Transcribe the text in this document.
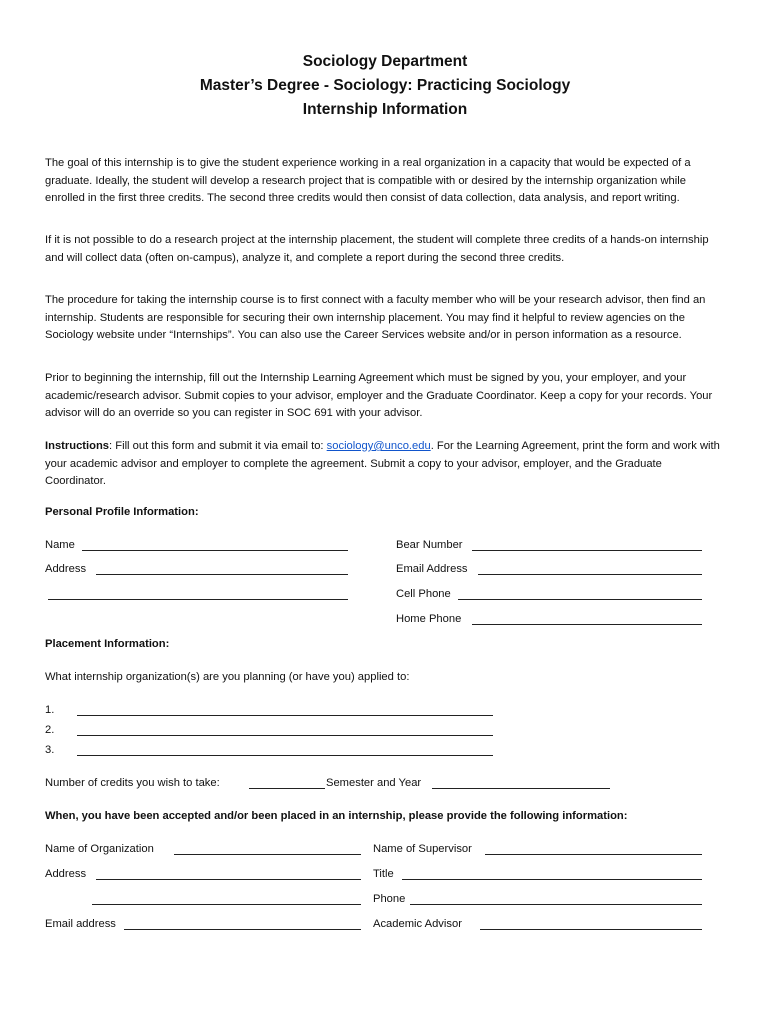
Sociology Department
Master’s Degree - Sociology: Practicing Sociology
Internship Information

The goal of this internship is to give the student experience working in a real organization in a capacity that would be expected of a graduate. Ideally, the student will develop a research project that is compatible with or desired by the internship organization while enrolled in the first three credits. The second three credits would then consist of data collection, data analysis, and report writing.

If it is not possible to do a research project at the internship placement, the student will complete three credits of a hands-on internship and will collect data (often on-campus), analyze it, and complete a report during the second three credits.

The procedure for taking the internship course is to first connect with a faculty member who will be your research advisor, then find an internship. Students are responsible for securing their own internship placement. You may find it helpful to review agencies on the Sociology website under “Internships”. You can also use the Career Services website and/or in person information as a resource.

Prior to beginning the internship, fill out the Internship Learning Agreement which must be signed by you, your employer, and your academic/research advisor. Submit copies to your advisor, employer and the Graduate Coordinator. Keep a copy for your records. Your advisor will do an override so you can register in SOC 691 with your advisor.

Instructions: Fill out this form and submit it via email to: sociology@unco.edu. For the Learning Agreement, print the form and work with your academic advisor and employer to complete the agreement. Submit a copy to your advisor, employer, and the Graduate Coordinator.

Personal Profile Information:
Name	Bear Number
Address	Email Address
Cell Phone
Home Phone
Placement Information:
What internship organization(s) are you planning (or have you) applied to:
1.
2.
3.
Number of credits you wish to take:	Semester and Year
When, you have been accepted and/or been placed in an internship, please provide the following information:
Name of Organization	Name of Supervisor
Address	Title
Phone
Email address	Academic Advisor
